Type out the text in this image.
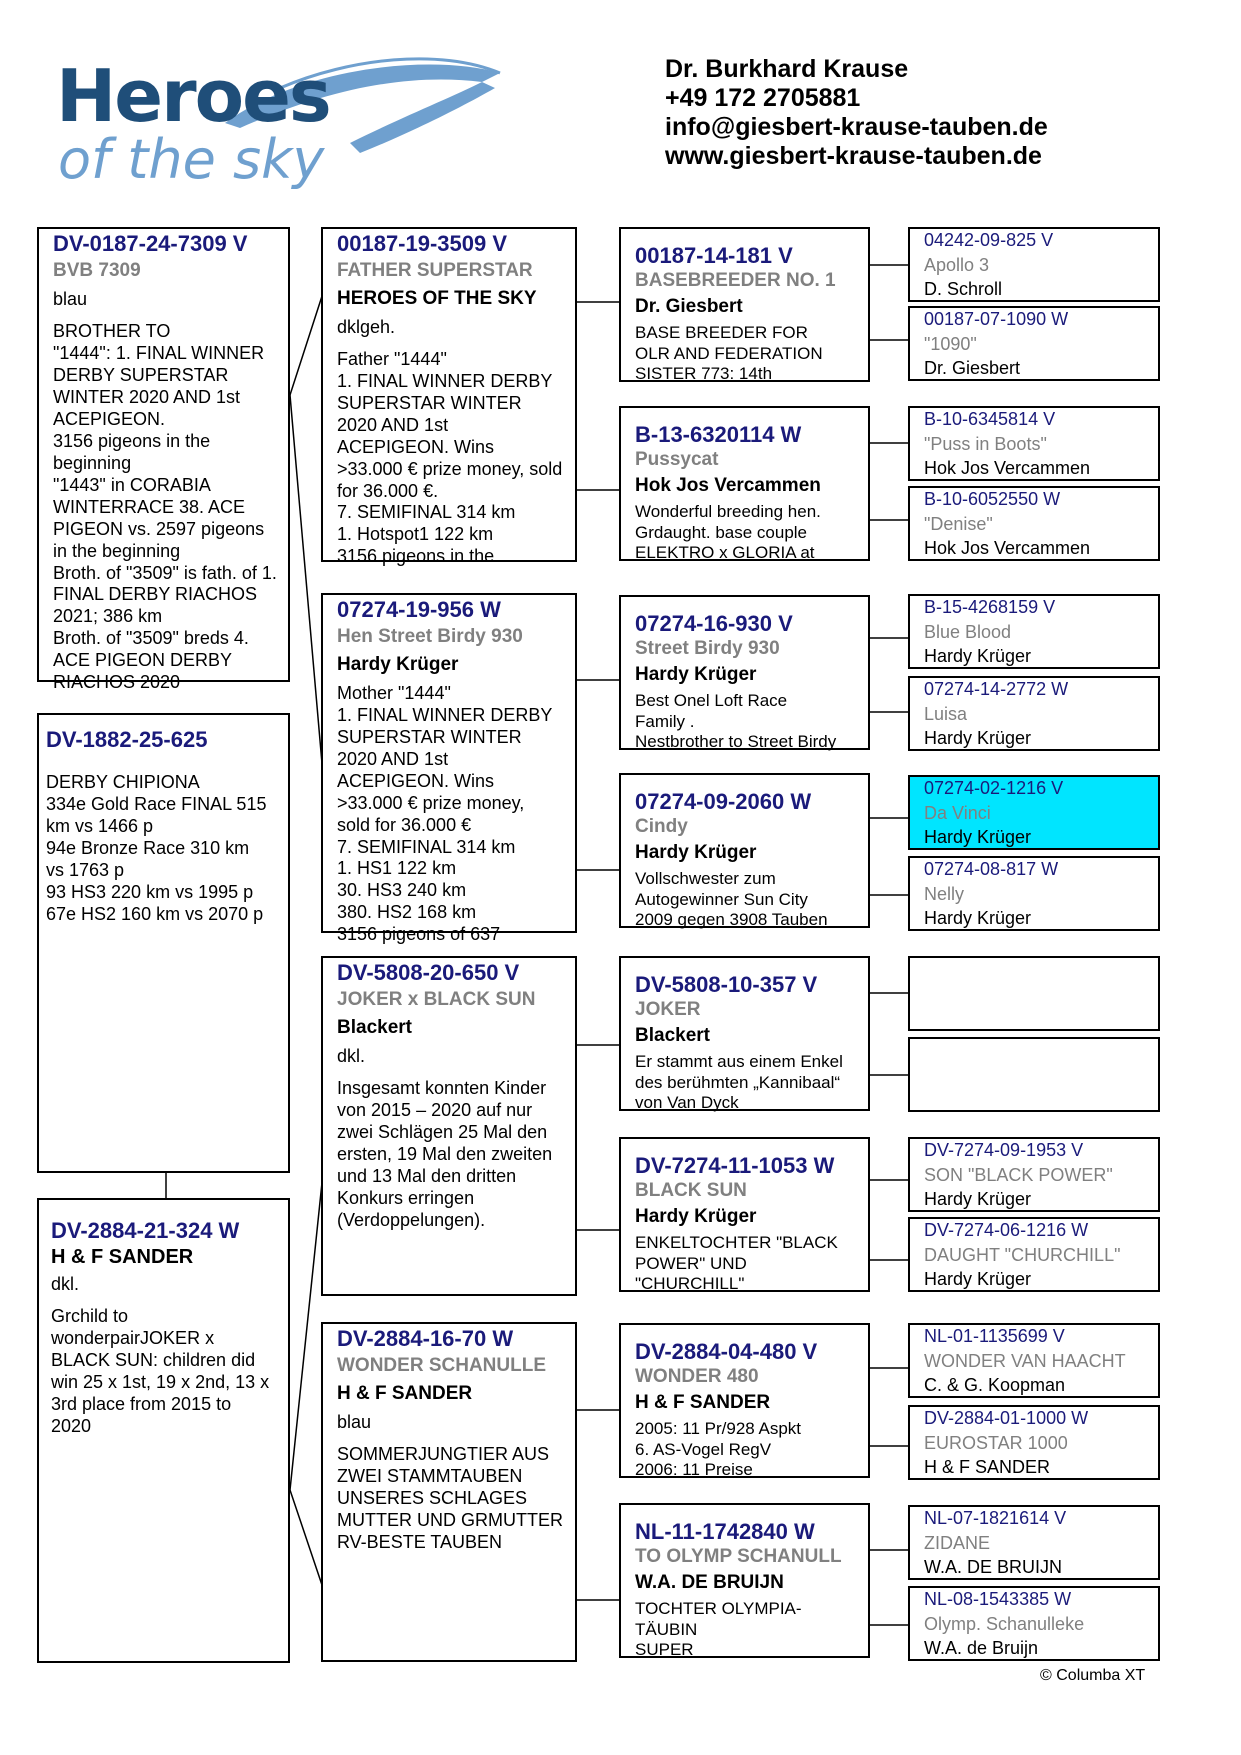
Heroes
of the sky
Dr. Burkhard Krause
+49 172 2705881
info@giesbert-krause-tauben.de
www.giesbert-krause-tauben.de
DV-0187-24-7309 V
BVB 7309
blau
BROTHER TO
"1444": 1. FINAL WINNER
DERBY SUPERSTAR
WINTER 2020 AND 1st
ACEPIGEON.
3156 pigeons in the
beginning
"1443" in CORABIA
WINTERRACE 38. ACE
PIGEON vs. 2597 pigeons
in the beginning
Broth. of "3509" is fath. of 1.
FINAL DERBY RIACHOS
2021; 386 km
Broth. of "3509" breds 4.
ACE PIGEON DERBY
RIACHOS 2020
DV-1882-25-625
DERBY CHIPIONA
334e Gold Race FINAL 515
km vs 1466 p
94e Bronze Race 310 km
vs 1763 p
93 HS3 220 km vs 1995 p
67e HS2 160 km vs 2070 p
DV-2884-21-324 W
H & F SANDER
dkl.
Grchild to
wonderpairJOKER x
BLACK SUN: children did
win 25 x 1st, 19 x 2nd, 13 x
3rd place from 2015 to
2020
00187-19-3509 V
FATHER SUPERSTAR
HEROES OF THE SKY
dklgeh.
Father "1444"
1. FINAL WINNER DERBY
SUPERSTAR WINTER
2020 AND 1st
ACEPIGEON. Wins
>33.000 € prize money, sold
for 36.000 €.
7. SEMIFINAL 314 km
1. Hotspot1 122 km
3156 pigeons in the
07274-19-956 W
Hen Street Birdy 930
Hardy Krüger
Mother "1444"
1. FINAL WINNER DERBY
SUPERSTAR WINTER
2020 AND 1st
ACEPIGEON. Wins
>33.000 € prize money,
sold for 36.000 €
7. SEMIFINAL 314 km
1. HS1 122 km
30. HS3 240 km
380. HS2 168 km
3156 pigeons of 637
DV-5808-20-650 V
JOKER x BLACK SUN
Blackert
dkl.
Insgesamt konnten Kinder
von 2015 – 2020 auf nur
zwei Schlägen 25 Mal den
ersten, 19 Mal den zweiten
und 13 Mal den dritten
Konkurs erringen
(Verdoppelungen).
DV-2884-16-70 W
WONDER SCHANULLE
H & F SANDER
blau
SOMMERJUNGTIER AUS
ZWEI STAMMTAUBEN
UNSERES SCHLAGES
MUTTER UND GRMUTTER
RV-BESTE TAUBEN
00187-14-181 V
BASEBREEDER NO. 1
Dr. Giesbert
BASE BREEDER FOR
OLR AND FEDERATION
SISTER 773: 14th
B-13-6320114 W
Pussycat
Hok Jos Vercammen
Wonderful breeding hen.
Grdaught. base couple
ELEKTRO x GLORIA at
07274-16-930 V
Street Birdy 930
Hardy Krüger
Best Onel Loft Race
Family .
Nestbrother to Street Birdy
07274-09-2060 W
Cindy
Hardy Krüger
Vollschwester zum
Autogewinner Sun City
2009 gegen 3908 Tauben
DV-5808-10-357 V
JOKER
Blackert
Er stammt aus einem Enkel
des berühmten „Kannibaal“
von Van Dyck
DV-7274-11-1053 W
BLACK SUN
Hardy Krüger
ENKELTOCHTER "BLACK
POWER" UND
"CHURCHILL"
DV-2884-04-480 V
WONDER 480
H & F SANDER
2005: 11 Pr/928 Aspkt
6. AS-Vogel RegV
2006: 11 Preise
NL-11-1742840 W
TO OLYMP SCHANULL
W.A. DE BRUIJN
TOCHTER OLYMPIA-
TÄUBIN
SUPER
04242-09-825 V
Apollo 3
D. Schroll
00187-07-1090 W
"1090"
Dr. Giesbert
B-10-6345814 V
"Puss in Boots"
Hok Jos Vercammen
B-10-6052550 W
"Denise"
Hok Jos Vercammen
B-15-4268159 V
Blue Blood
Hardy Krüger
07274-14-2772 W
Luisa
Hardy Krüger
07274-02-1216 V
Da Vinci
Hardy Krüger
07274-08-817 W
Nelly
Hardy Krüger
DV-7274-09-1953 V
SON "BLACK POWER"
Hardy Krüger
DV-7274-06-1216 W
DAUGHT "CHURCHILL"
Hardy Krüger
NL-01-1135699 V
WONDER VAN HAACHT
C. & G. Koopman
DV-2884-01-1000 W
EUROSTAR 1000
H & F SANDER
NL-07-1821614 V
ZIDANE
W.A. DE BRUIJN
NL-08-1543385 W
Olymp. Schanulleke
W.A. de Bruijn
© Columba XT
